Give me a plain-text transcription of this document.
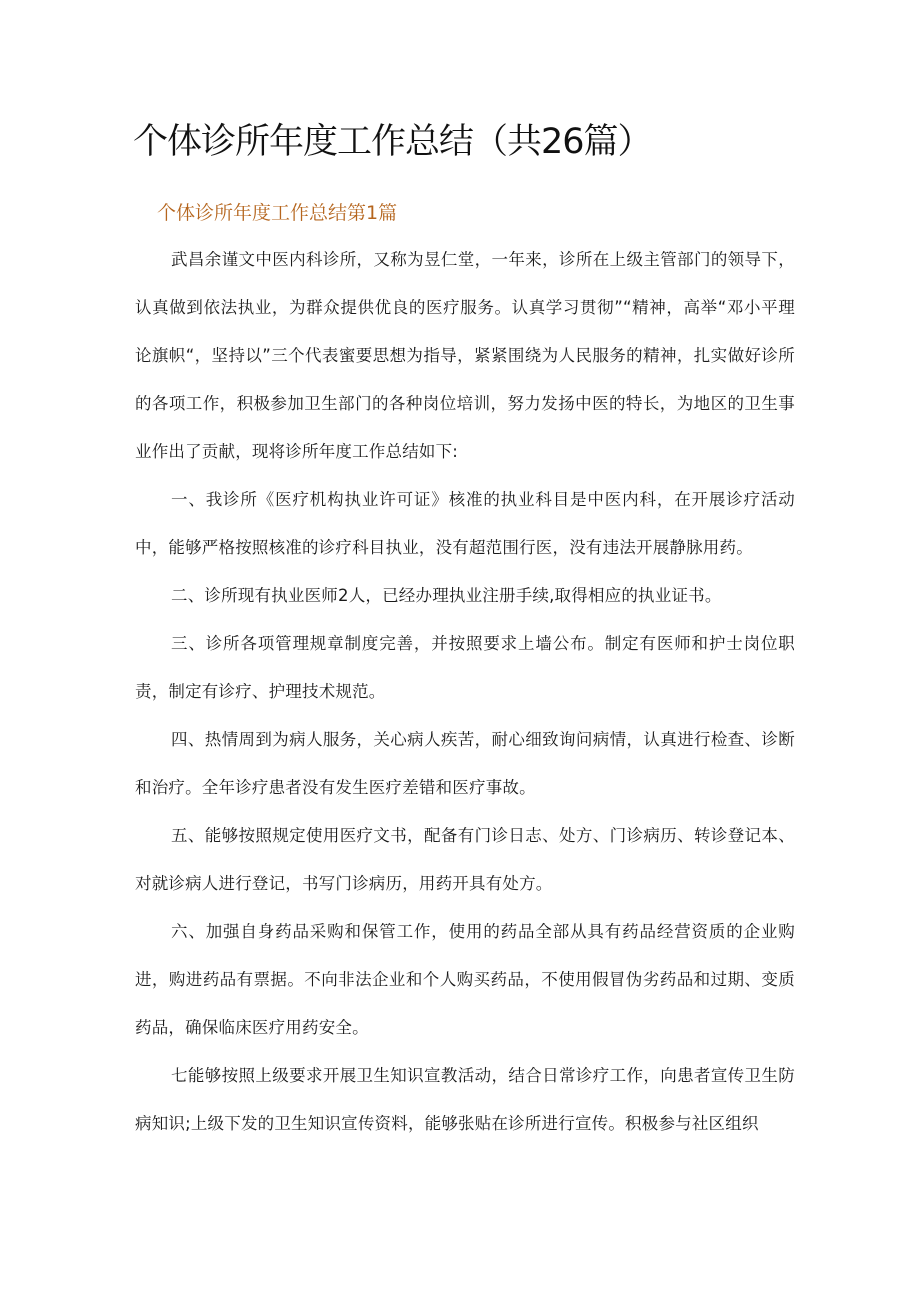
个体诊所年度工作总结（共26篇）
个体诊所年度工作总结第1篇

武昌余谨文中医内科诊所，又称为昱仁堂，一年来，诊所在上级主管部门的领导下，认真做到依法执业，为群众提供优良的医疗服务。认真学习贯彻”“精神，高举“邓小平理论旗帜“，坚持以”三个代表蜜要思想为指导，紧紧围绕为人民服务的精神，扎实做好诊所的各项工作，积极参加卫生部门的各种岗位培训，努力发扬中医的特长，为地区的卫生事业作出了贡献，现将诊所年度工作总结如下:

一、我诊所《医疗机构执业许可证》核准的执业科目是中医内科，在开展诊疗活动中，能够严格按照核准的诊疗科目执业，没有超范围行医，没有违法开展静脉用药。

二、诊所现有执业医师2人，已经办理执业注册手续,取得相应的执业证书。

三、诊所各项管理规章制度完善，并按照要求上墙公布。制定有医师和护士岗位职责，制定有诊疗、护理技术规范。

四、热情周到为病人服务，关心病人疾苦，耐心细致询问病情，认真进行检查、诊断和治疗。全年诊疗患者没有发生医疗差错和医疗事故。

五、能够按照规定使用医疗文书，配备有门诊日志、处方、门诊病历、转诊登记本、对就诊病人进行登记，书写门诊病历，用药开具有处方。

六、加强自身药品采购和保管工作，使用的药品全部从具有药品经营资质的企业购进，购进药品有票据。不向非法企业和个人购买药品，不使用假冒伪劣药品和过期、变质药品，确保临床医疗用药安全。

七能够按照上级要求开展卫生知识宣教活动，结合日常诊疗工作，向患者宣传卫生防病知识;上级下发的卫生知识宣传资料，能够张贴在诊所进行宣传。积极参与社区组织
